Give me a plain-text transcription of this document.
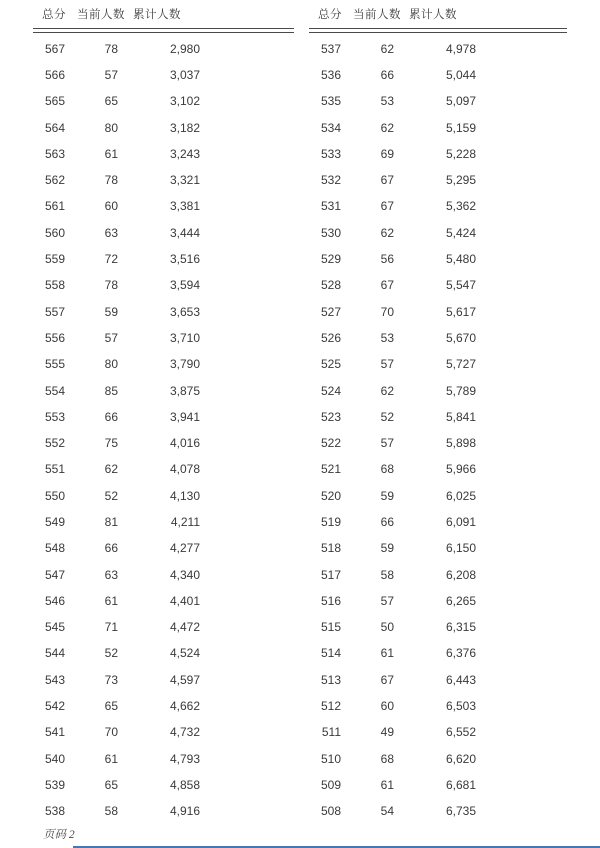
总分 当前人数 累计人数
567	78	2,980
566	57	3,037
565	65	3,102
564	80	3,182
563	61	3,243
562	78	3,321
561	60	3,381
560	63	3,444
559	72	3,516
558	78	3,594
557	59	3,653
556	57	3,710
555	80	3,790
554	85	3,875
553	66	3,941
552	75	4,016
551	62	4,078
550	52	4,130
549	81	4,211
548	66	4,277
547	63	4,340
546	61	4,401
545	71	4,472
544	52	4,524
543	73	4,597
542	65	4,662
541	70	4,732
540	61	4,793
539	65	4,858
538	58	4,916
总分 当前人数 累计人数
537	62	4,978
536	66	5,044
535	53	5,097
534	62	5,159
533	69	5,228
532	67	5,295
531	67	5,362
530	62	5,424
529	56	5,480
528	67	5,547
527	70	5,617
526	53	5,670
525	57	5,727
524	62	5,789
523	52	5,841
522	57	5,898
521	68	5,966
520	59	6,025
519	66	6,091
518	59	6,150
517	58	6,208
516	57	6,265
515	50	6,315
514	61	6,376
513	67	6,443
512	60	6,503
511	49	6,552
510	68	6,620
509	61	6,681
508	54	6,735
页码 2
